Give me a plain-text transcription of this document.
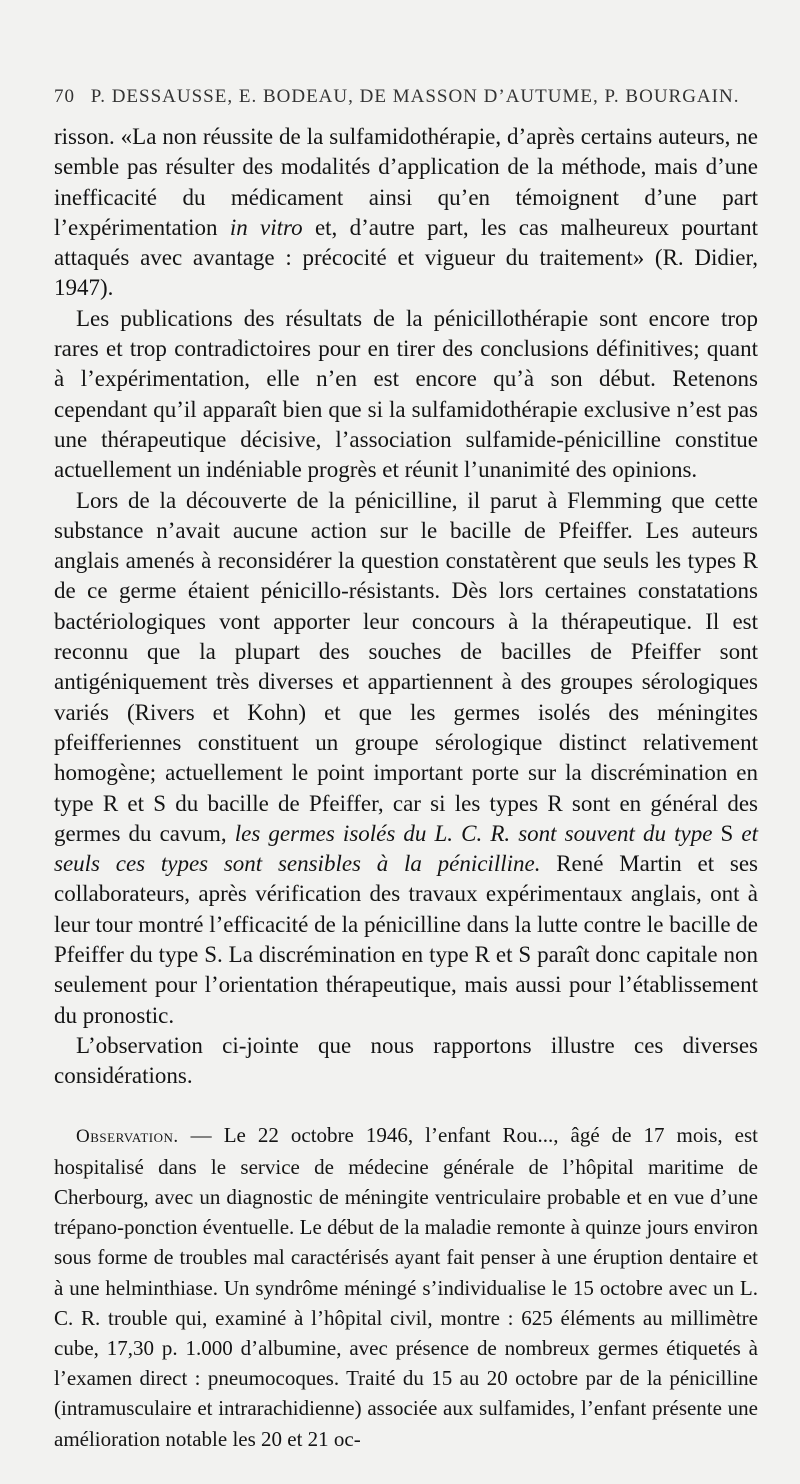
70 P. DESSAUSSE, E. BODEAU, DE MASSON D’AUTUME, P. BOURGAIN.

risson. «La non réussite de la sulfamidothérapie, d’après certains auteurs, ne semble pas résulter des modalités d’application de la méthode, mais d’une inefficacité du médicament ainsi qu’en témoignent d’une part l’expérimentation in vitro et, d’autre part, les cas malheureux pourtant attaqués avec avantage : précocité et vigueur du traitement» (R. Didier, 1947).

Les publications des résultats de la pénicillothérapie sont encore trop rares et trop contradictoires pour en tirer des conclusions définitives; quant à l’expérimentation, elle n’en est encore qu’à son début. Retenons cependant qu’il apparaît bien que si la sulfamidothérapie exclusive n’est pas une thérapeutique décisive, l’association sulfamide-pénicilline constitue actuellement un indéniable progrès et réunit l’unanimité des opinions.

Lors de la découverte de la pénicilline, il parut à Flemming que cette substance n’avait aucune action sur le bacille de Pfeiffer. Les auteurs anglais amenés à reconsidérer la question constatèrent que seuls les types R de ce germe étaient pénicillo-résistants. Dès lors certaines constatations bactériologiques vont apporter leur concours à la thérapeutique. Il est reconnu que la plupart des souches de bacilles de Pfeiffer sont antigéniquement très diverses et appartiennent à des groupes sérologiques variés (Rivers et Kohn) et que les germes isolés des méningites pfeifferiennes constituent un groupe sérologique distinct relativement homogène; actuellement le point important porte sur la discrémination en type R et S du bacille de Pfeiffer, car si les types R sont en général des germes du cavum, les germes isolés du L. C. R. sont souvent du type S et seuls ces types sont sensibles à la pénicilline. René Martin et ses collaborateurs, après vérification des travaux expérimentaux anglais, ont à leur tour montré l’efficacité de la pénicilline dans la lutte contre le bacille de Pfeiffer du type S. La discrémination en type R et S paraît donc capitale non seulement pour l’orientation thérapeutique, mais aussi pour l’établissement du pronostic.

L’observation ci-jointe que nous rapportons illustre ces diverses considérations.

Observation. — Le 22 octobre 1946, l’enfant Rou..., âgé de 17 mois, est hospitalisé dans le service de médecine générale de l’hôpital maritime de Cherbourg, avec un diagnostic de méningite ventriculaire probable et en vue d’une trépano-ponction éventuelle. Le début de la maladie remonte à quinze jours environ sous forme de troubles mal caractérisés ayant fait penser à une éruption dentaire et à une helminthiase. Un syndrôme méningé s’individualise le 15 octobre avec un L. C. R. trouble qui, examiné à l’hôpital civil, montre : 625 éléments au millimètre cube, 17,30 p. 1.000 d’albumine, avec présence de nombreux germes étiquetés à l’examen direct : pneumocoques. Traité du 15 au 20 octobre par de la pénicilline (intramusculaire et intrarachidienne) associée aux sulfamides, l’enfant présente une amélioration notable les 20 et 21 oc-
